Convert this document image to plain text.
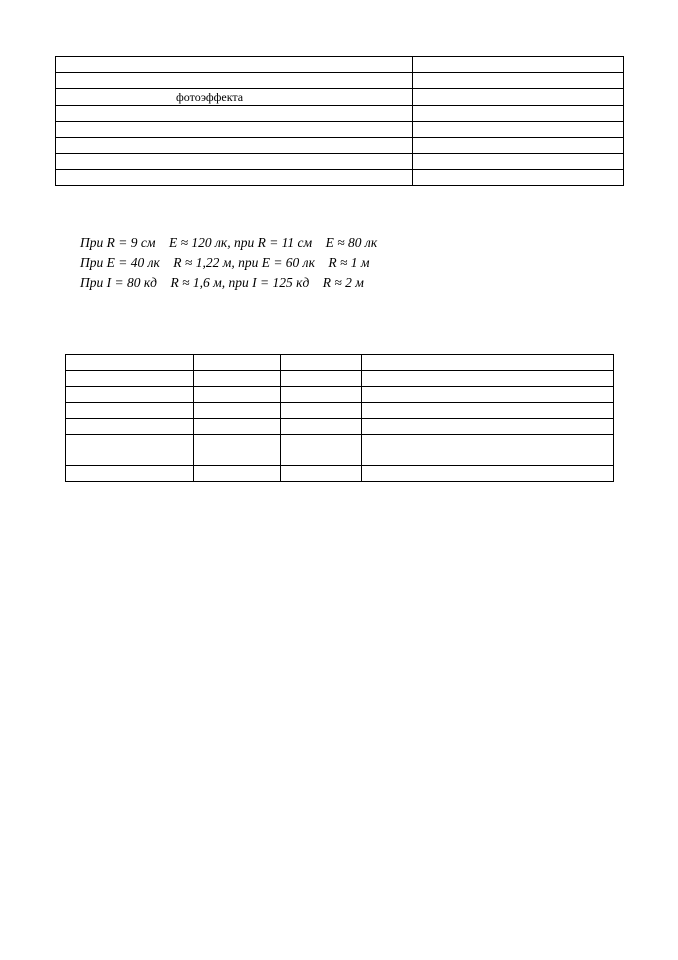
фотоэффекта	

При R = 9 см    E ≈ 120 лк, при R = 11 см    E ≈ 80 лк
При E = 40 лк    R ≈ 1,22 м, при E = 60 лк    R ≈ 1 м
При I = 80 кд    R ≈ 1,6 м, при I = 125 кд    R ≈ 2 м
